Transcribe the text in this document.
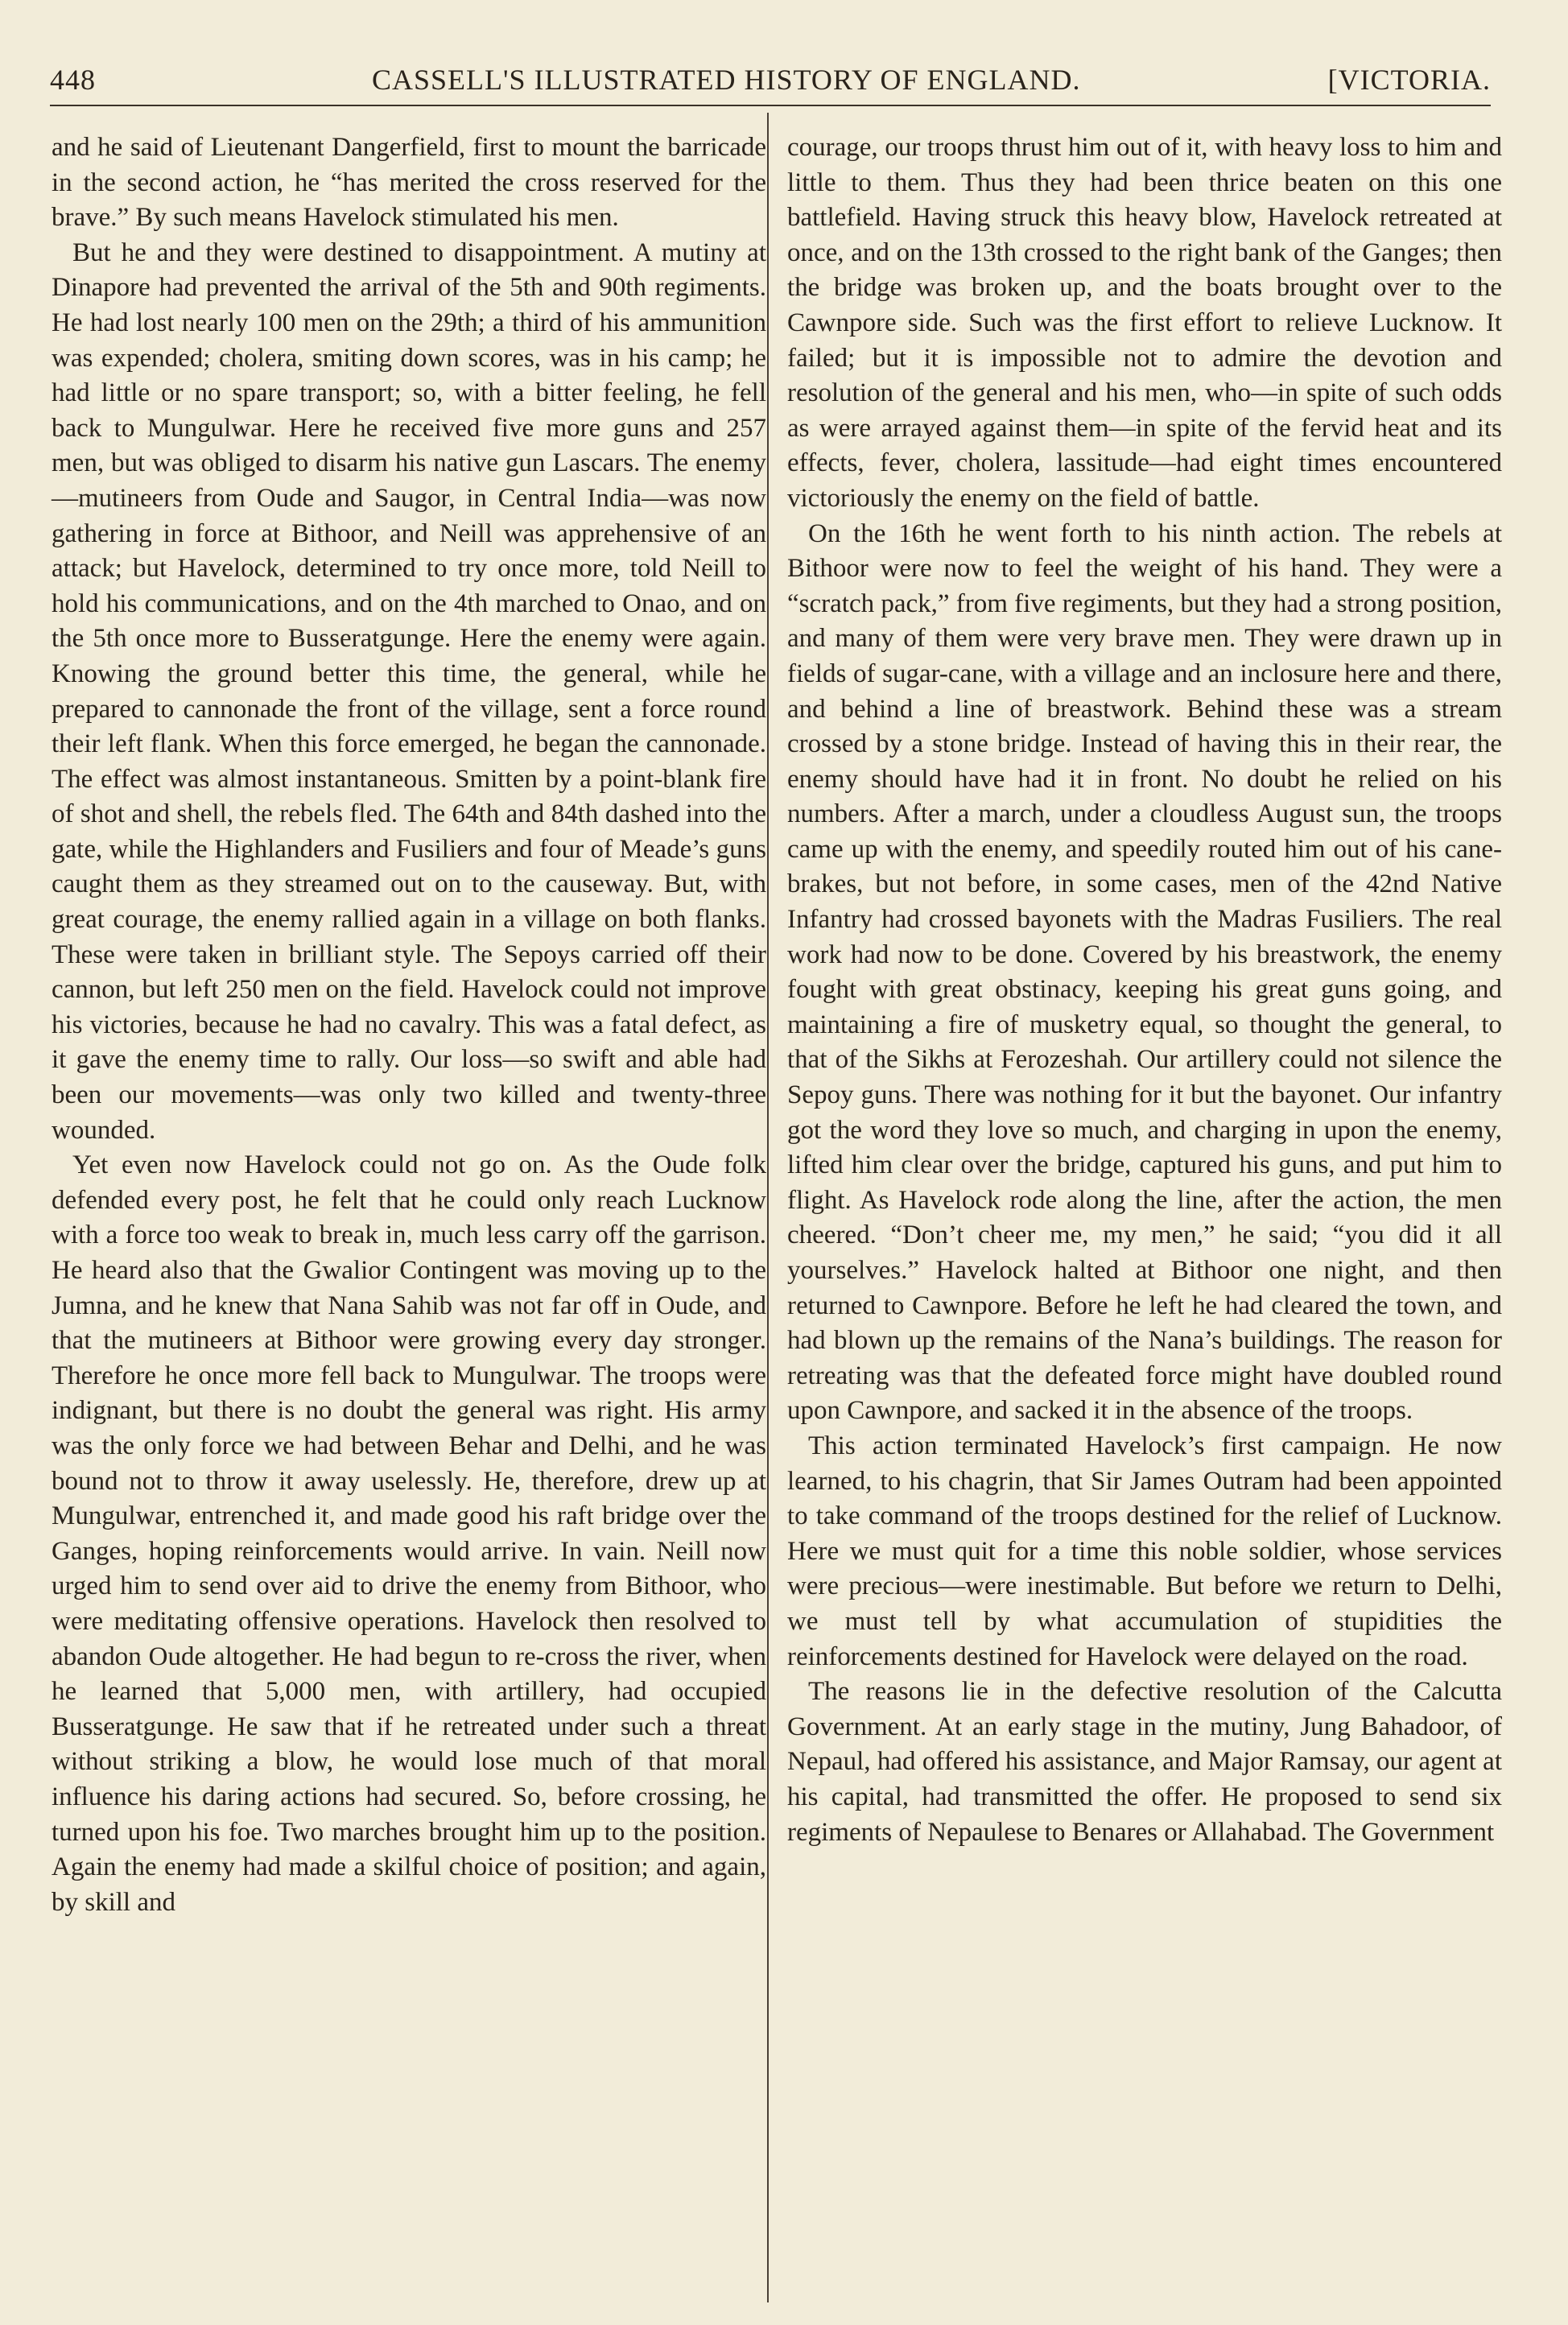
448	CASSELL'S ILLUSTRATED HISTORY OF ENGLAND.	[VICTORIA.

and he said of Lieutenant Dangerfield, first to mount the barricade in the second action, he “has merited the cross reserved for the brave.” By such means Havelock stimulated his men.

But he and they were destined to disappointment. A mutiny at Dinapore had prevented the arrival of the 5th and 90th regiments. He had lost nearly 100 men on the 29th; a third of his ammunition was expended; cholera, smiting down scores, was in his camp; he had little or no spare transport; so, with a bitter feeling, he fell back to Mungulwar. Here he received five more guns and 257 men, but was obliged to disarm his native gun Lascars. The enemy—mutineers from Oude and Saugor, in Central India—was now gathering in force at Bithoor, and Neill was apprehensive of an attack; but Havelock, determined to try once more, told Neill to hold his communications, and on the 4th marched to Onao, and on the 5th once more to Busseratgunge. Here the enemy were again. Knowing the ground better this time, the general, while he prepared to cannonade the front of the village, sent a force round their left flank. When this force emerged, he began the cannonade. The effect was almost instantaneous. Smitten by a point-blank fire of shot and shell, the rebels fled. The 64th and 84th dashed into the gate, while the Highlanders and Fusiliers and four of Meade’s guns caught them as they streamed out on to the causeway. But, with great courage, the enemy rallied again in a village on both flanks. These were taken in brilliant style. The Sepoys carried off their cannon, but left 250 men on the field. Havelock could not improve his victories, because he had no cavalry. This was a fatal defect, as it gave the enemy time to rally. Our loss—so swift and able had been our movements—was only two killed and twenty-three wounded.

Yet even now Havelock could not go on. As the Oude folk defended every post, he felt that he could only reach Lucknow with a force too weak to break in, much less carry off the garrison. He heard also that the Gwalior Contingent was moving up to the Jumna, and he knew that Nana Sahib was not far off in Oude, and that the mutineers at Bithoor were growing every day stronger. Therefore he once more fell back to Mungulwar. The troops were indignant, but there is no doubt the general was right. His army was the only force we had between Behar and Delhi, and he was bound not to throw it away uselessly. He, therefore, drew up at Mungulwar, entrenched it, and made good his raft bridge over the Ganges, hoping reinforcements would arrive. In vain. Neill now urged him to send over aid to drive the enemy from Bithoor, who were meditating offensive operations. Havelock then resolved to abandon Oude altogether. He had begun to re-cross the river, when he learned that 5,000 men, with artillery, had occupied Busseratgunge. He saw that if he retreated under such a threat without striking a blow, he would lose much of that moral influence his daring actions had secured. So, before crossing, he turned upon his foe. Two marches brought him up to the position. Again the enemy had made a skilful choice of position; and again, by skill and

courage, our troops thrust him out of it, with heavy loss to him and little to them. Thus they had been thrice beaten on this one battlefield. Having struck this heavy blow, Havelock retreated at once, and on the 13th crossed to the right bank of the Ganges; then the bridge was broken up, and the boats brought over to the Cawnpore side. Such was the first effort to relieve Lucknow. It failed; but it is impossible not to admire the devotion and resolution of the general and his men, who—in spite of such odds as were arrayed against them—in spite of the fervid heat and its effects, fever, cholera, lassitude—had eight times encountered victoriously the enemy on the field of battle.

On the 16th he went forth to his ninth action. The rebels at Bithoor were now to feel the weight of his hand. They were a “scratch pack,” from five regiments, but they had a strong position, and many of them were very brave men. They were drawn up in fields of sugar-cane, with a village and an inclosure here and there, and behind a line of breastwork. Behind these was a stream crossed by a stone bridge. Instead of having this in their rear, the enemy should have had it in front. No doubt he relied on his numbers. After a march, under a cloudless August sun, the troops came up with the enemy, and speedily routed him out of his cane-brakes, but not before, in some cases, men of the 42nd Native Infantry had crossed bayonets with the Madras Fusiliers. The real work had now to be done. Covered by his breastwork, the enemy fought with great obstinacy, keeping his great guns going, and maintaining a fire of musketry equal, so thought the general, to that of the Sikhs at Ferozeshah. Our artillery could not silence the Sepoy guns. There was nothing for it but the bayonet. Our infantry got the word they love so much, and charging in upon the enemy, lifted him clear over the bridge, captured his guns, and put him to flight. As Havelock rode along the line, after the action, the men cheered. “Don’t cheer me, my men,” he said; “you did it all yourselves.” Havelock halted at Bithoor one night, and then returned to Cawnpore. Before he left he had cleared the town, and had blown up the remains of the Nana’s buildings. The reason for retreating was that the defeated force might have doubled round upon Cawnpore, and sacked it in the absence of the troops.

This action terminated Havelock’s first campaign. He now learned, to his chagrin, that Sir James Outram had been appointed to take command of the troops destined for the relief of Lucknow. Here we must quit for a time this noble soldier, whose services were precious—were inestimable. But before we return to Delhi, we must tell by what accumulation of stupidities the reinforcements destined for Havelock were delayed on the road.

The reasons lie in the defective resolution of the Calcutta Government. At an early stage in the mutiny, Jung Bahadoor, of Nepaul, had offered his assistance, and Major Ramsay, our agent at his capital, had transmitted the offer. He proposed to send six regiments of Nepaulese to Benares or Allahabad. The Government
